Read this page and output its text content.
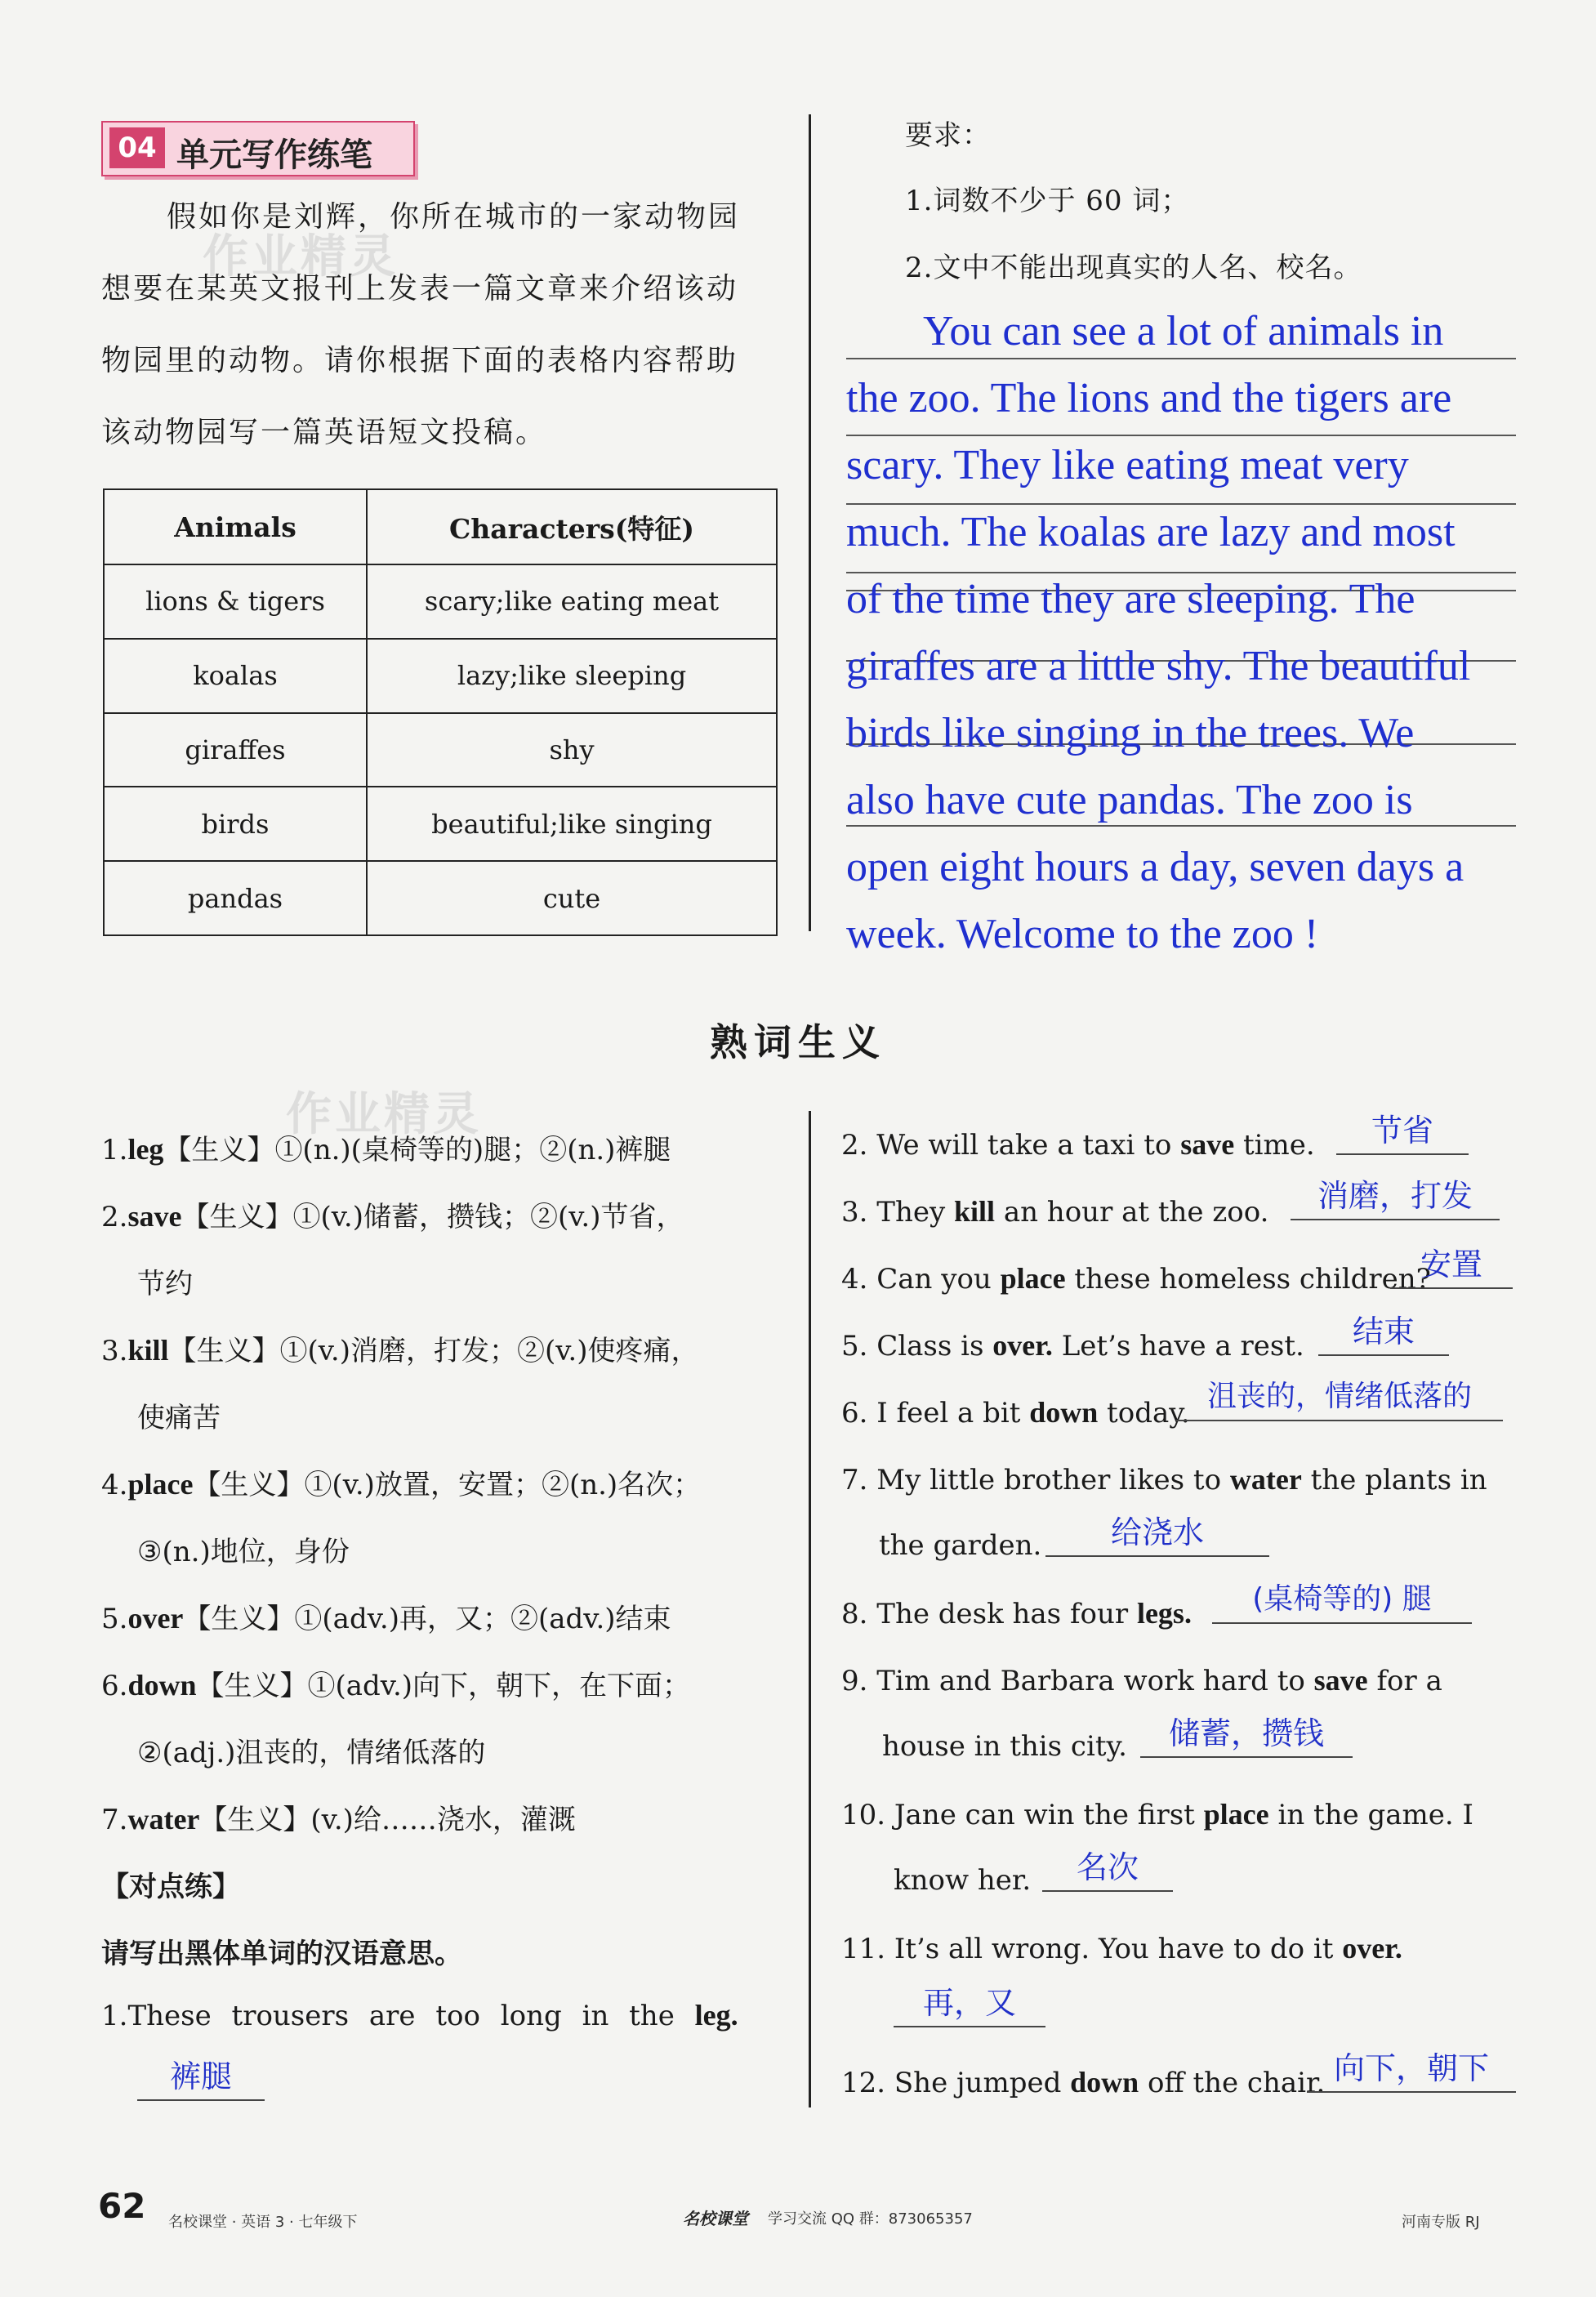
作业精灵
作业精灵
04 单元写作练笔
假如你是刘辉，你所在城市的一家动物园
想要在某英文报刊上发表一篇文章来介绍该动
物园里的动物。请你根据下面的表格内容帮助
该动物园写一篇英语短文投稿。
Animals	Characters(特征)
lions & tigers	scary;like eating meat
koalas	lazy;like sleeping
giraffes	shy
birds	beautiful;like singing
pandas	cute
要求：
1.词数不少于 60 词；
2.文中不能出现真实的人名、校名。
You can see a lot of animals in
the zoo. The lions and the tigers are
scary. They like eating meat very
much. The koalas are lazy and most
of the time they are sleeping. The
giraffes are a little shy. The beautiful
birds like singing in the trees. We
also have cute pandas. The zoo is
open eight hours a day, seven days a
week. Welcome to the zoo !
熟词生义
1.leg【生义】①(n.)(桌椅等的)腿；②(n.)裤腿
2.save【生义】①(v.)储蓄，攒钱；②(v.)节省，
节约
3.kill【生义】①(v.)消磨，打发；②(v.)使疼痛，
使痛苦
4.place【生义】①(v.)放置，安置；②(n.)名次；
③(n.)地位，身份
5.over【生义】①(adv.)再，又；②(adv.)结束
6.down【生义】①(adv.)向下，朝下，在下面；
②(adj.)沮丧的，情绪低落的
7.water【生义】(v.)给……浇水，灌溉
【对点练】
请写出黑体单词的汉语意思。
1.These trousers are too long in the leg.
裤腿
2. We will take a taxi to save time.	节省
3. They kill an hour at the zoo.	消磨，打发
4. Can you place these homeless children?
安置
5. Class is over. Let’s have a rest.	结束
6. I feel a bit down today. 沮丧的，情绪低落的
7. My little brother likes to water the plants in
the garden.	给浇水
8. The desk has four legs.	(桌椅等的) 腿
9. Tim and Barbara work hard to save for a
house in this city.	储蓄，攒钱
10. Jane can win the first place in the game. I
know her.	名次
11. It’s all wrong. You have to do it over.
再，又
12. She jumped down off the chair. 向下，朝下
62 名校课堂 · 英语 3 · 七年级下	名校课堂 学习交流 QQ 群：873065357	河南专版 RJ
